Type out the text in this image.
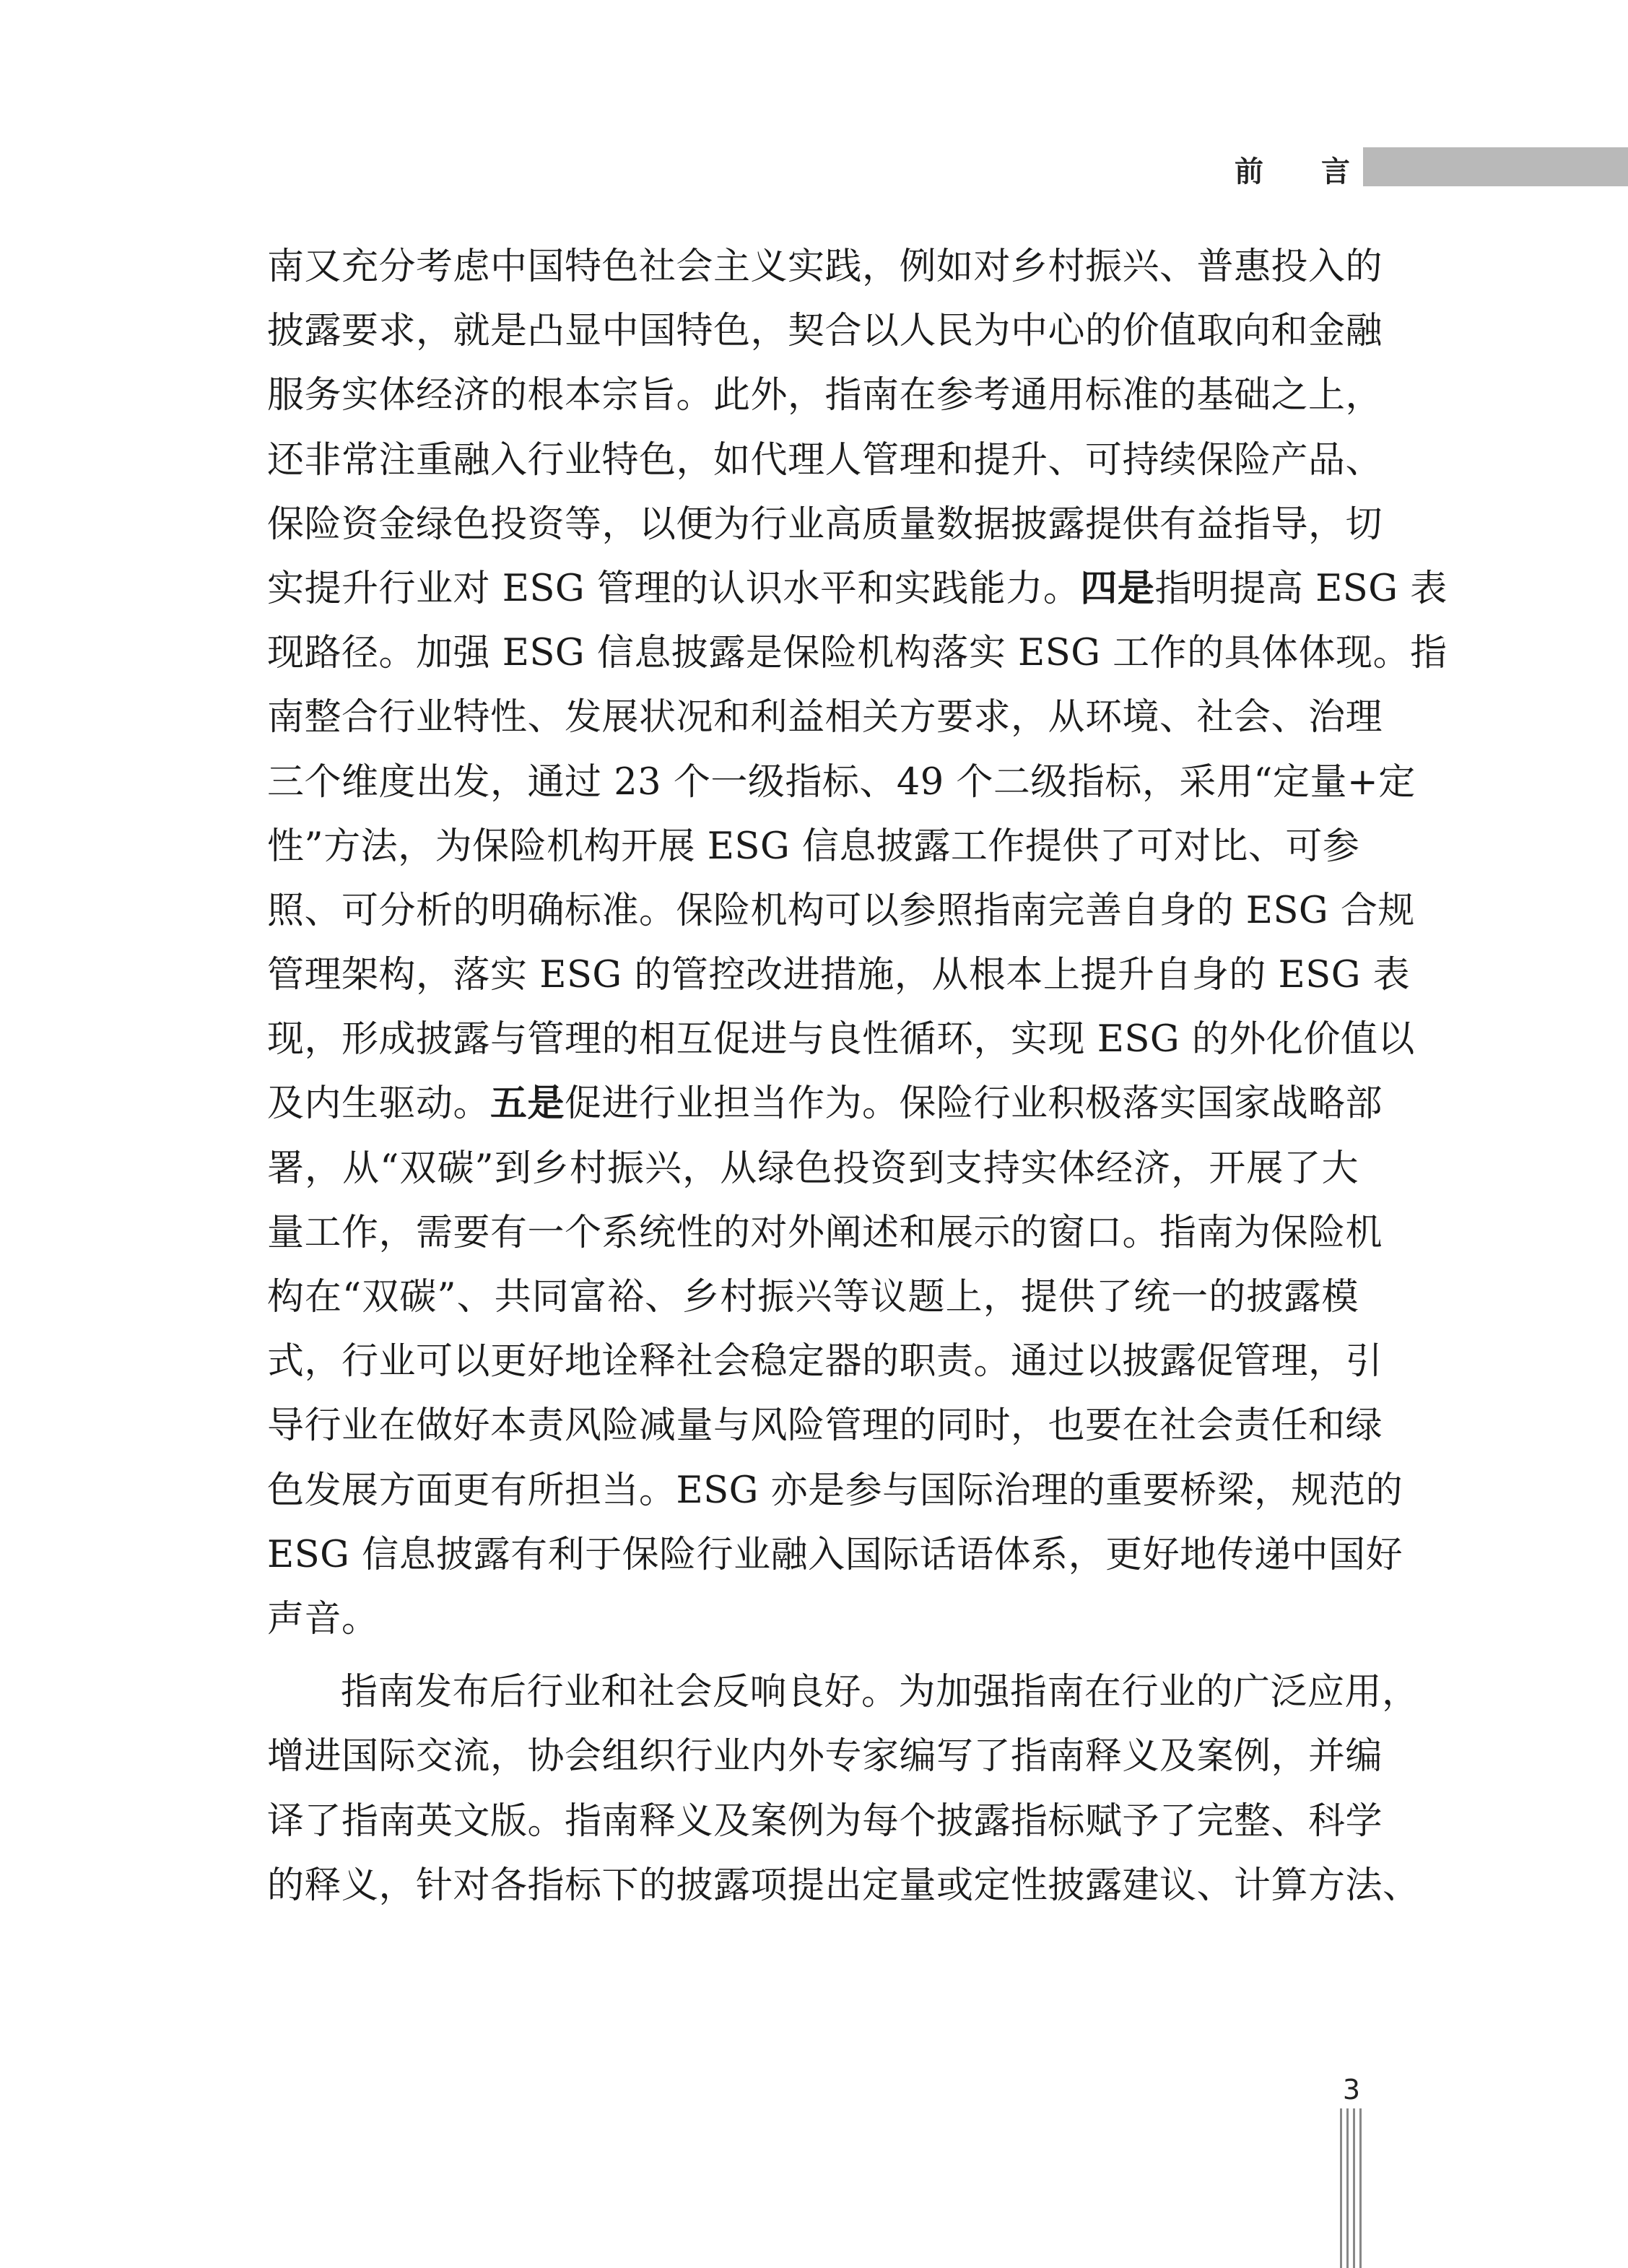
前 言
南又充分考虑中国特色社会主义实践，例如对乡村振兴、普惠投入的
披露要求，就是凸显中国特色，契合以人民为中心的价值取向和金融
服务实体经济的根本宗旨。此外，指南在参考通用标准的基础之上，
还非常注重融入行业特色，如代理人管理和提升、可持续保险产品、
保险资金绿色投资等，以便为行业高质量数据披露提供有益指导，切
实提升行业对 ESG 管理的认识水平和实践能力。四是指明提高 ESG 表
现路径。加强 ESG 信息披露是保险机构落实 ESG 工作的具体体现。指
南整合行业特性、发展状况和利益相关方要求，从环境、社会、治理
三个维度出发，通过 23 个一级指标、49 个二级指标，采用“定量+定
性”方法，为保险机构开展 ESG 信息披露工作提供了可对比、可参
照、可分析的明确标准。保险机构可以参照指南完善自身的 ESG 合规
管理架构，落实 ESG 的管控改进措施，从根本上提升自身的 ESG 表
现，形成披露与管理的相互促进与良性循环，实现 ESG 的外化价值以
及内生驱动。五是促进行业担当作为。保险行业积极落实国家战略部
署，从“双碳”到乡村振兴，从绿色投资到支持实体经济，开展了大
量工作，需要有一个系统性的对外阐述和展示的窗口。指南为保险机
构在“双碳”、共同富裕、乡村振兴等议题上，提供了统一的披露模
式，行业可以更好地诠释社会稳定器的职责。通过以披露促管理，引
导行业在做好本责风险减量与风险管理的同时，也要在社会责任和绿
色发展方面更有所担当。ESG 亦是参与国际治理的重要桥梁，规范的
ESG 信息披露有利于保险行业融入国际话语体系，更好地传递中国好
声音。
指南发布后行业和社会反响良好。为加强指南在行业的广泛应用，
增进国际交流，协会组织行业内外专家编写了指南释义及案例，并编
译了指南英文版。指南释义及案例为每个披露指标赋予了完整、科学
的释义，针对各指标下的披露项提出定量或定性披露建议、计算方法、
3
